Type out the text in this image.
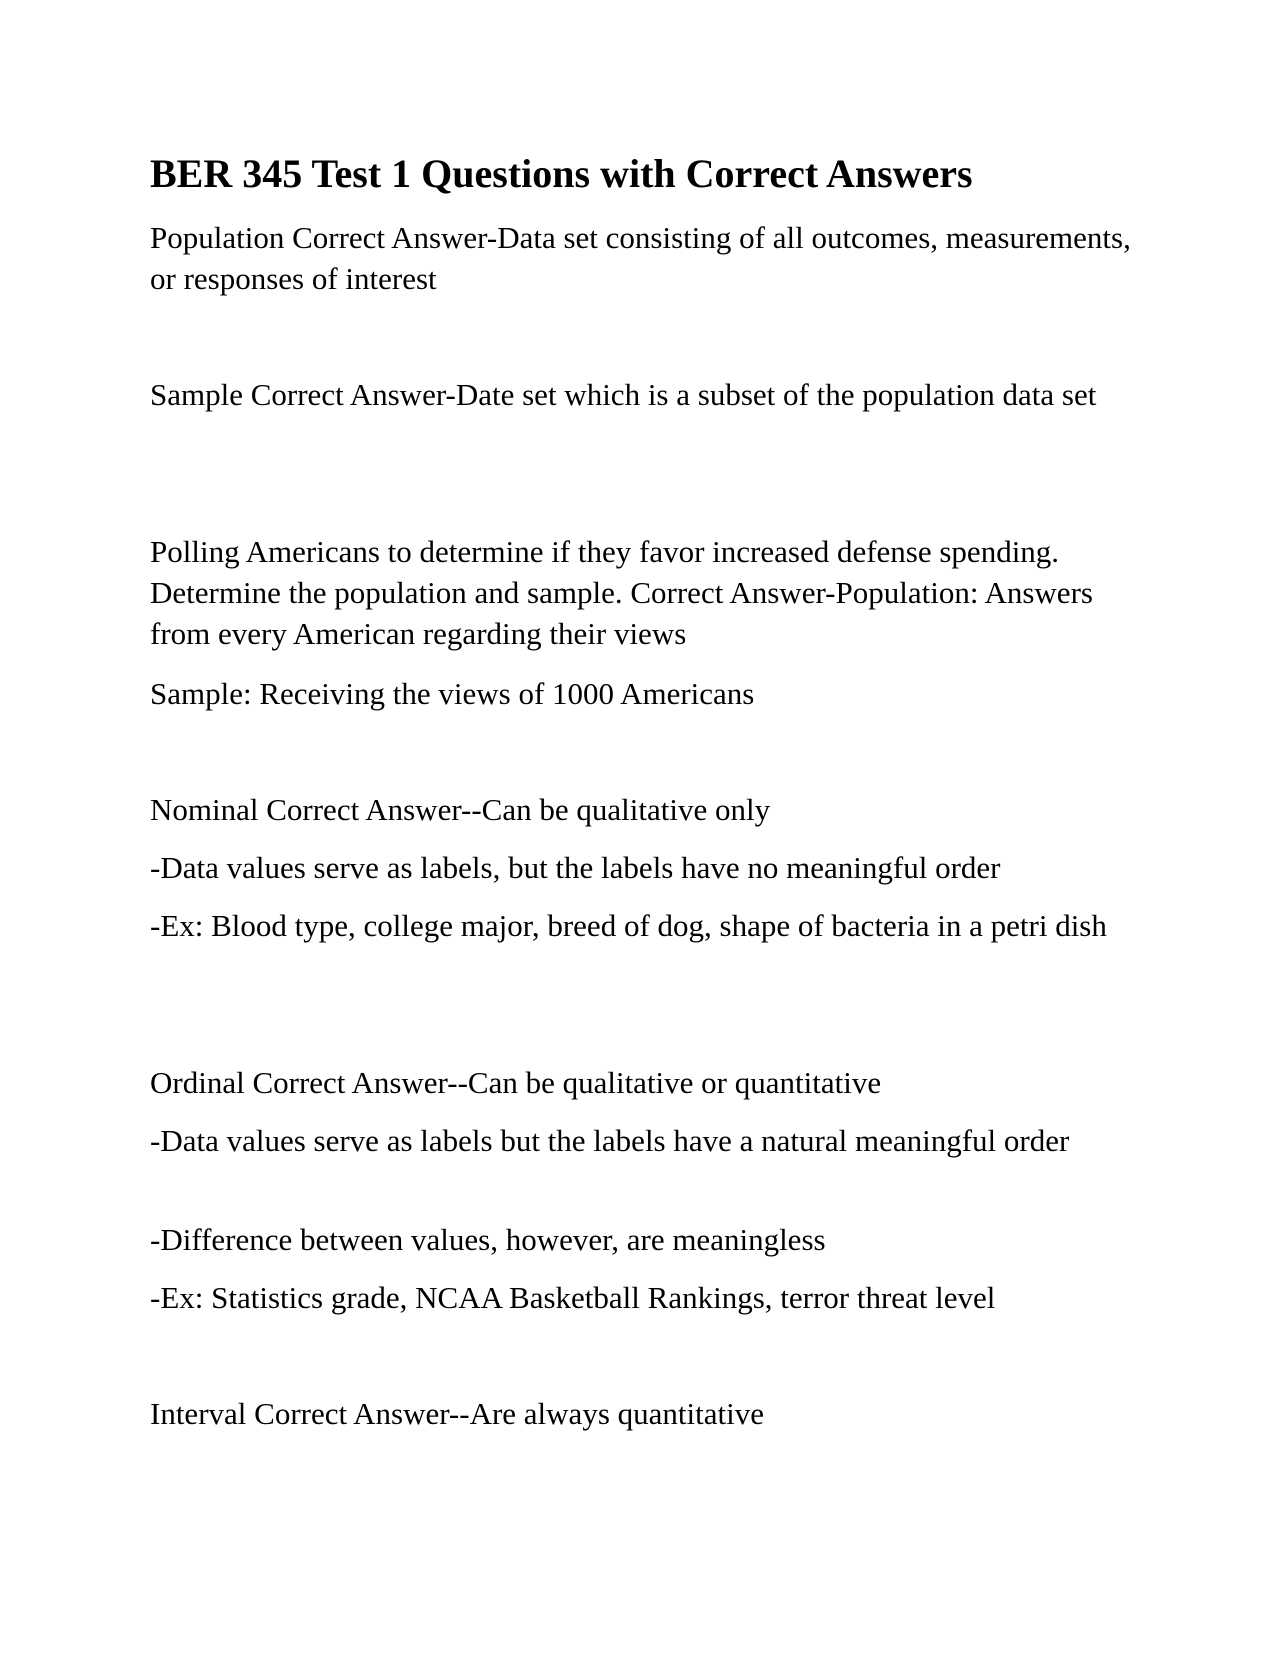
BER 345 Test 1 Questions with Correct Answers

Population Correct Answer-Data set consisting of all outcomes, measurements, or responses of interest

Sample Correct Answer-Date set which is a subset of the population data set

Polling Americans to determine if they favor increased defense spending. Determine the population and sample. Correct Answer-Population: Answers from every American regarding their views

Sample: Receiving the views of 1000 Americans

Nominal Correct Answer--Can be qualitative only

-Data values serve as labels, but the labels have no meaningful order

-Ex: Blood type, college major, breed of dog, shape of bacteria in a petri dish

Ordinal Correct Answer--Can be qualitative or quantitative

-Data values serve as labels but the labels have a natural meaningful order

-Difference between values, however, are meaningless

-Ex: Statistics grade, NCAA Basketball Rankings, terror threat level

Interval Correct Answer--Are always quantitative
